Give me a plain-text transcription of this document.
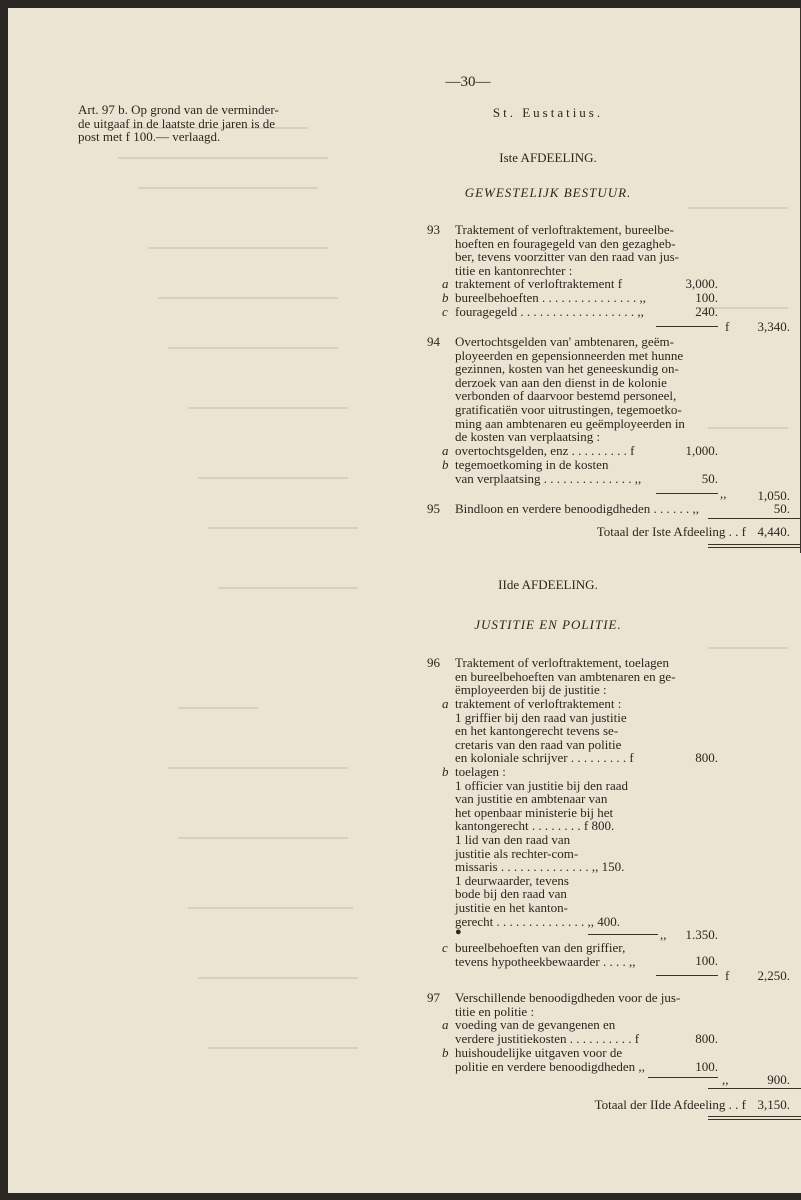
—30—
Art. 97 b. Op grond van de verminder-
de uitgaaf in de laatste drie jaren is de
post met f 100.— verlaagd.
St. Eustatius.
Iste AFDEELING.
GEWESTELIJK BESTUUR.
93 Traktement of verloftraktement, bureelbe-
hoeften en fouragegeld van den gezaghеb-
ber, tevens voorzitter van den raad van jus-
titie en kantonrechter :
a traktement of verloftraktement f	3,000.
b bureelbehoeften . . . . . . . . . . . . . . . ,,	100.
c fouragegeld . . . . . . . . . . . . . . . . . . ,,	240.
f	3,340.
94 Overtochtsgelden van' ambtenaren, geëm-
ployeerden en gepensionneerden met hunne
gezinnen, kosten van het geneeskundig on-
derzoek van aan den dienst in de kolonie
verbonden of daarvoor bestemd personeel,
gratificatiën voor uitrustingen, tegemoetko-
ming aan ambtenaren eu geëmployeerden in
de kosten van verplaatsing :
a overtochtsgelden, enz . . . . . . . . . f	1,000.
b tegemoetkoming in de kosten
van verplaatsing . . . . . . . . . . . . . . ,,	50.
,,	1,050.
95 Bindloon en verdere benoodigdheden . . . . . . ,,	50.
Totaal der Iste Afdeeling . . f 4,440.
IIde AFDEELING.
JUSTITIE EN POLITIE.
96 Traktement of verloftraktement, toelagen
en bureelbehoeften van ambtenaren en ge-
ëmployeerden bij de justitie :
a traktement of verloftraktement :
1 griffier bij den raad van justitie
en het kantongerecht tevens se-
cretaris van den raad van politie
en koloniale schrijver . . . . . . . . . f	800.
b toelagen :
1 officier van justitie bij den raad
van justitie en ambtenaar van
het openbaar ministerie bij het
kantongerecht . . . . . . . . f 800.
1 lid van den raad van
justitie als rechter-com-
missaris . . . . . . . . . . . . . . ,, 150.
1 deurwaarder, tevens
bode bij den raad van
justitie en het kanton-
gerecht . . . . . . . . . . . . . . ,, 400.
●	,,	1.350.
c bureelbehoeften van den griffier,
tevens hypotheekbewaarder . . . . ,,	100.
f	2,250.
97 Verschillende benoodigdheden voor de jus-
titie en politie :
a voeding van de gevangenen en
verdere justitiekosten . . . . . . . . . . f	800.
b huishoudelijke uitgaven voor de
politie en verdere benoodigdheden ,,	100.
,,	900.
Totaal der IIde Afdeeling . . f 3,150.
